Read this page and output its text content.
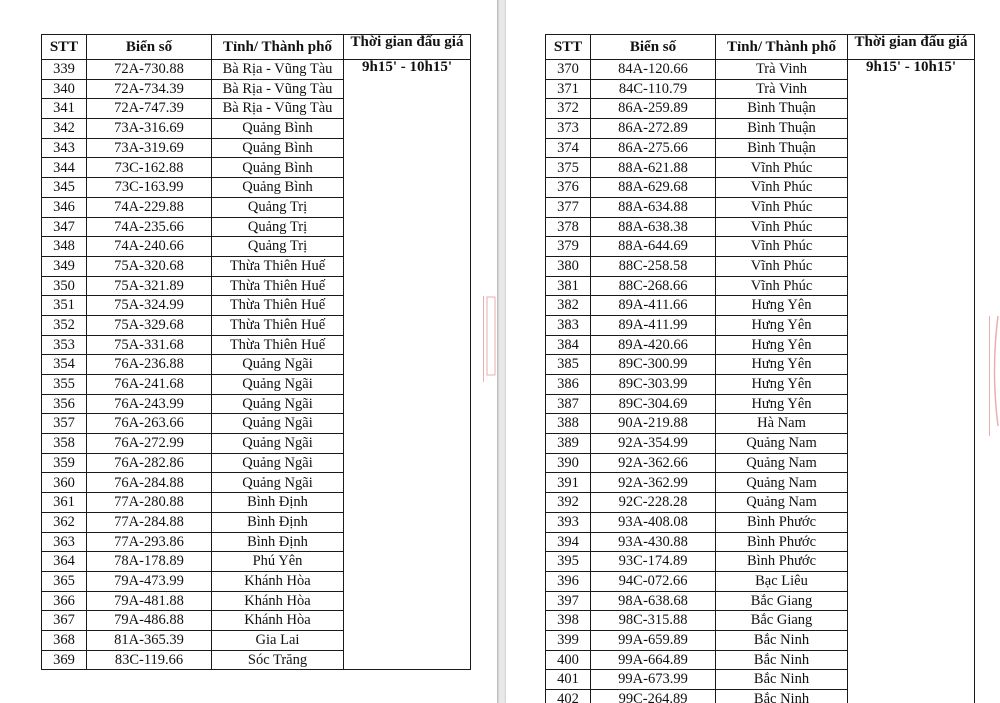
STT	Biển số	Tỉnh/ Thành phố	Thời gian đấu giá
339	72A-730.88	Bà Rịa - Vũng Tàu	9h15' - 10h15'
340	72A-734.39	Bà Rịa - Vũng Tàu	
341	72A-747.39	Bà Rịa - Vũng Tàu	
342	73A-316.69	Quảng Bình	
343	73A-319.69	Quảng Bình	
344	73C-162.88	Quảng Bình	
345	73C-163.99	Quảng Bình	
346	74A-229.88	Quảng Trị	
347	74A-235.66	Quảng Trị	
348	74A-240.66	Quảng Trị	
349	75A-320.68	Thừa Thiên Huế	
350	75A-321.89	Thừa Thiên Huế	
351	75A-324.99	Thừa Thiên Huế	
352	75A-329.68	Thừa Thiên Huế	
353	75A-331.68	Thừa Thiên Huế	
354	76A-236.88	Quảng Ngãi	
355	76A-241.68	Quảng Ngãi	
356	76A-243.99	Quảng Ngãi	
357	76A-263.66	Quảng Ngãi	
358	76A-272.99	Quảng Ngãi	
359	76A-282.86	Quảng Ngãi	
360	76A-284.88	Quảng Ngãi	
361	77A-280.88	Bình Định	
362	77A-284.88	Bình Định	
363	77A-293.86	Bình Định	
364	78A-178.89	Phú Yên	
365	79A-473.99	Khánh Hòa	
366	79A-481.88	Khánh Hòa	
367	79A-486.88	Khánh Hòa	
368	81A-365.39	Gia Lai	
369	83C-119.66	Sóc Trăng	
STT	Biển số	Tỉnh/ Thành phố	Thời gian đấu giá
370	84A-120.66	Trà Vinh	9h15' - 10h15'
371	84C-110.79	Trà Vinh	
372	86A-259.89	Bình Thuận	
373	86A-272.89	Bình Thuận	
374	86A-275.66	Bình Thuận	
375	88A-621.88	Vĩnh Phúc	
376	88A-629.68	Vĩnh Phúc	
377	88A-634.88	Vĩnh Phúc	
378	88A-638.38	Vĩnh Phúc	
379	88A-644.69	Vĩnh Phúc	
380	88C-258.58	Vĩnh Phúc	
381	88C-268.66	Vĩnh Phúc	
382	89A-411.66	Hưng Yên	
383	89A-411.99	Hưng Yên	
384	89A-420.66	Hưng Yên	
385	89C-300.99	Hưng Yên	
386	89C-303.99	Hưng Yên	
387	89C-304.69	Hưng Yên	
388	90A-219.88	Hà Nam	
389	92A-354.99	Quảng Nam	
390	92A-362.66	Quảng Nam	
391	92A-362.99	Quảng Nam	
392	92C-228.28	Quảng Nam	
393	93A-408.08	Bình Phước	
394	93A-430.88	Bình Phước	
395	93C-174.89	Bình Phước	
396	94C-072.66	Bạc Liêu	
397	98A-638.68	Bắc Giang	
398	98C-315.88	Bắc Giang	
399	99A-659.89	Bắc Ninh	
400	99A-664.89	Bắc Ninh	
401	99A-673.99	Bắc Ninh	
402	99C-264.89	Bắc Ninh	
